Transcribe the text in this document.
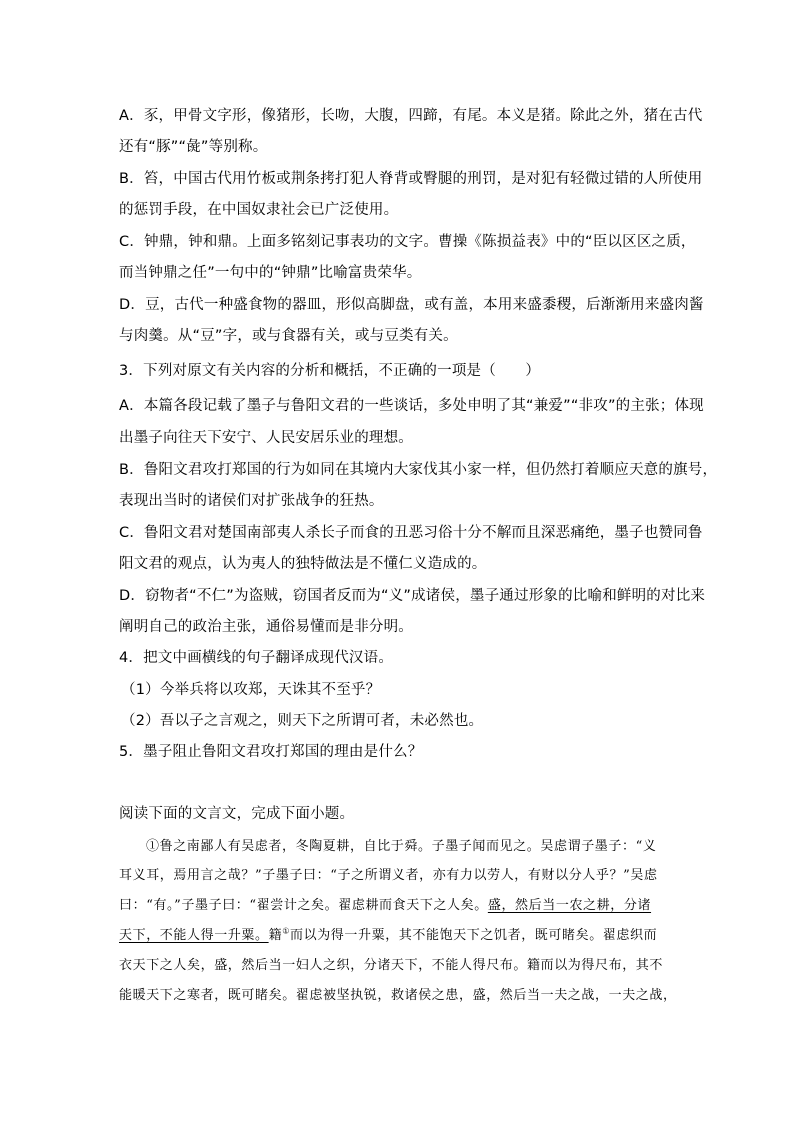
A．豕，甲骨文字形，像猪形，长吻，大腹，四蹄，有尾。本义是猪。除此之外，猪在古代
还有“豚”“彘”等别称。
B．笞，中国古代用竹板或荆条拷打犯人脊背或臀腿的刑罚，是对犯有轻微过错的人所使用
的惩罚手段，在中国奴隶社会已广泛使用。
C．钟鼎，钟和鼎。上面多铭刻记事表功的文字。曹操《陈损益表》中的“臣以区区之质，
而当钟鼎之任”一句中的“钟鼎”比喻富贵荣华。
D．豆，古代一种盛食物的器皿，形似高脚盘，或有盖，本用来盛黍稷，后渐渐用来盛肉酱
与肉羹。从“豆”字，或与食器有关，或与豆类有关。
3．下列对原文有关内容的分析和概括，不正确的一项是（　　）
A．本篇各段记载了墨子与鲁阳文君的一些谈话，多处申明了其“兼爱”“非攻”的主张；体现
出墨子向往天下安宁、人民安居乐业的理想。
B．鲁阳文君攻打郑国的行为如同在其境内大家伐其小家一样，但仍然打着顺应天意的旗号，
表现出当时的诸侯们对扩张战争的狂热。
C．鲁阳文君对楚国南部夷人杀长子而食的丑恶习俗十分不解而且深恶痛绝，墨子也赞同鲁
阳文君的观点，认为夷人的独特做法是不懂仁义造成的。
D．窃物者“不仁”为盗贼，窃国者反而为“义”成诸侯，墨子通过形象的比喻和鲜明的对比来
阐明自己的政治主张，通俗易懂而是非分明。
4．把文中画横线的句子翻译成现代汉语。
（1）今举兵将以攻郑，天诛其不至乎？
（2）吾以子之言观之，则天下之所谓可者，未必然也。
5．墨子阻止鲁阳文君攻打郑国的理由是什么？
阅读下面的文言文，完成下面小题。
①鲁之南鄙人有吴虑者，冬陶夏耕，自比于舜。子墨子闻而见之。吴虑谓子墨子：“义
耳义耳，焉用言之哉？”子墨子曰：“子之所谓义者，亦有力以劳人，有财以分人乎？”吴虑
曰：“有。”子墨子曰：“翟尝计之矣。翟虑耕而食天下之人矣。盛，然后当一农之耕，分诸
天下，不能人得一升粟。籍①而以为得一升粟，其不能饱天下之饥者，既可睹矣。翟虑织而
衣天下之人矣，盛，然后当一妇人之织，分诸天下，不能人得尺布。籍而以为得尺布，其不
能暖天下之寒者，既可睹矣。翟虑被坚执锐，救诸侯之患，盛，然后当一夫之战，一夫之战，
